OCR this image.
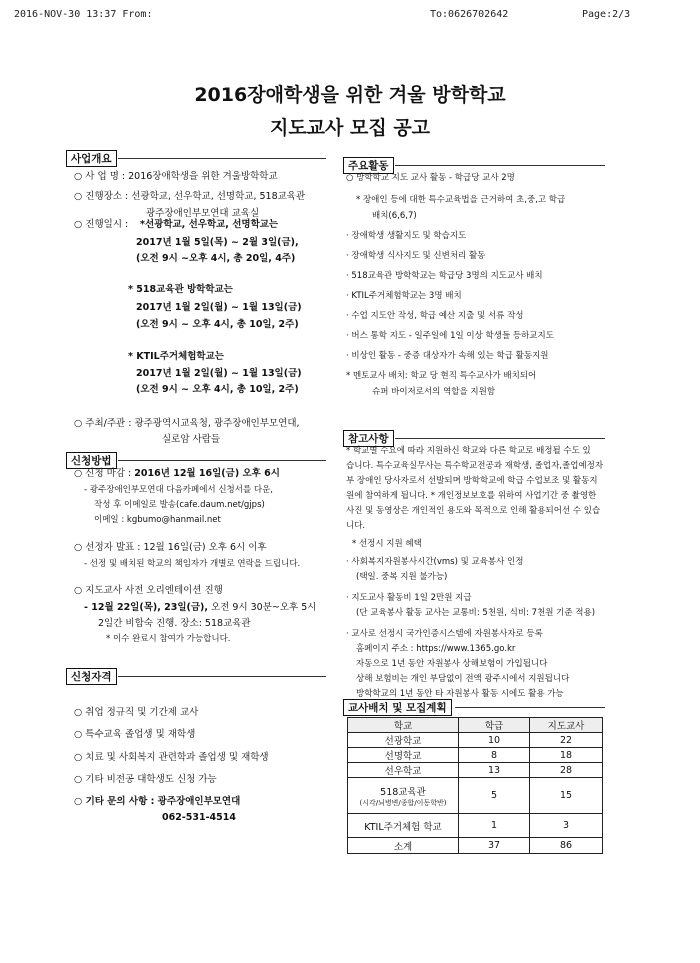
2016-NOV-30 13:37 From:	To:0626702642	Page:2/3
2016장애학생을 위한 겨울 방학학교
지도교사 모집 공고
사업개요
○ 사 업 명 : 2016장애학생을 위한 겨울방학학교
○ 진행장소 : 선광학교, 선우학교, 선명학교, 518교육관
광주장애인부모연대 교육실
○ 진행일시 : *선광학교, 선우학교, 선명학교는
2017년 1월 5일(목) ~ 2월 3일(금),
(오전 9시 ~오후 4시, 총 20일, 4주)
* 518교육관 방학학교는
2017년 1월 2일(월) ~ 1월 13일(금)
(오전 9시 ~ 오후 4시, 총 10일, 2주)
* KTIL주거체험학교는
2017년 1월 2일(월) ~ 1월 13일(금)
(오전 9시 ~ 오후 4시, 총 10일, 2주)
○ 주최/주관 : 광주광역시교육청, 광주장애인부모연대,
실로암 사람들
신청방법
○ 신청 마감 : 2016년 12월 16일(금) 오후 6시
- 광주장애인부모연대 다음카페에서 신청서를 다운,
작성 후 이메일로 발송(cafe.daum.net/gjps)
이메일 : kgbumo@hanmail.net
○ 선정자 발표 : 12월 16일(금) 오후 6시 이후
- 선정 및 배치된 학교의 책임자가 개별로 연락을 드립니다.
○ 지도교사 사전 오리엔테이션 진행
- 12월 22일(목), 23일(금), 오전 9시 30분~오후 5시
2일간 비합숙 진행. 장소: 518교육관
* 이수 완료시 참여가 가능합니다.
신청자격
○ 취업 정규직 및 기간제 교사
○ 특수교육 졸업생 및 재학생
○ 치료 및 사회복지 관련학과 졸업생 및 재학생
○ 기타 비전공 대학생도 신청 가능
○ 기타 문의 사항 : 광주장애인부모연대
062-531-4514
주요활동
○ 방학학교 지도 교사 활동 - 학급당 교사 2명
* 장애인 등에 대한 특수교육법을 근거하여 초,중,고 학급
배치(6,6,7)
· 장애학생 생활지도 및 학습지도
· 장애학생 식사지도 및 신변처리 활동
· 518교육관 방학학교는 학급당 3명의 지도교사 배치
· KTIL주거체험학교는 3명 배치
· 수업 지도안 작성, 학급 예산 지출 및 서류 작성
· 버스 통학 지도 - 일주일에 1일 이상 학생들 등하교지도
· 비상인 활동 - 중증 대상자가 속해 있는 학급 활동지원
* 멘토교사 배치: 학교 당 현직 특수교사가 배치되어
슈퍼 바이저로서의 역할을 지원함
참고사항
* 학교별 수요에 따라 지원하신 학교와 다른 학교로 배정될 수도 있
습니다. 특수교육실무사는 특수학교전공과 재학생, 졸업자,졸업예정자
부 장애인 당사자로서 선발되며 방학학교에 학급 수업보조 및 활동지
원에 참여하게 됩니다. * 개인정보보호를 위하여 사업기간 중 촬영한
사진 및 동영상은 개인적인 용도와 목적으로 인해 활용되어선 수 있습
니다.
* 선정시 지원 혜택
· 사회복지자원봉사시간(vms) 및 교육봉사 인정
(택일. 중복 지원 불가능)
· 지도교사 활동비 1일 2만원 지급
(단 교육봉사 활동 교사는 교통비: 5천원, 식비: 7천원 기준 적용)
· 교사로 선정시 국가인증시스템에 자원봉사자로 등록
홈페이지 주소 : https://www.1365.go.kr
자동으로 1년 동안 자원봉사 상해보험이 가입됩니다
상해 보험비는 개인 부담없이 전액 광주시에서 지원됩니다
방학학교의 1년 동안 타 자원봉사 활동 시에도 활용 가능
교사배치 및 모집계획
학교	학급	지도교사
선광학교	10	22
선명학교	8	18
선우학교	13	28

518교육관
(시각/뇌병변/종합/이동학반)	5	15
KTIL주거체험 학교	1	3
소계	37	86
